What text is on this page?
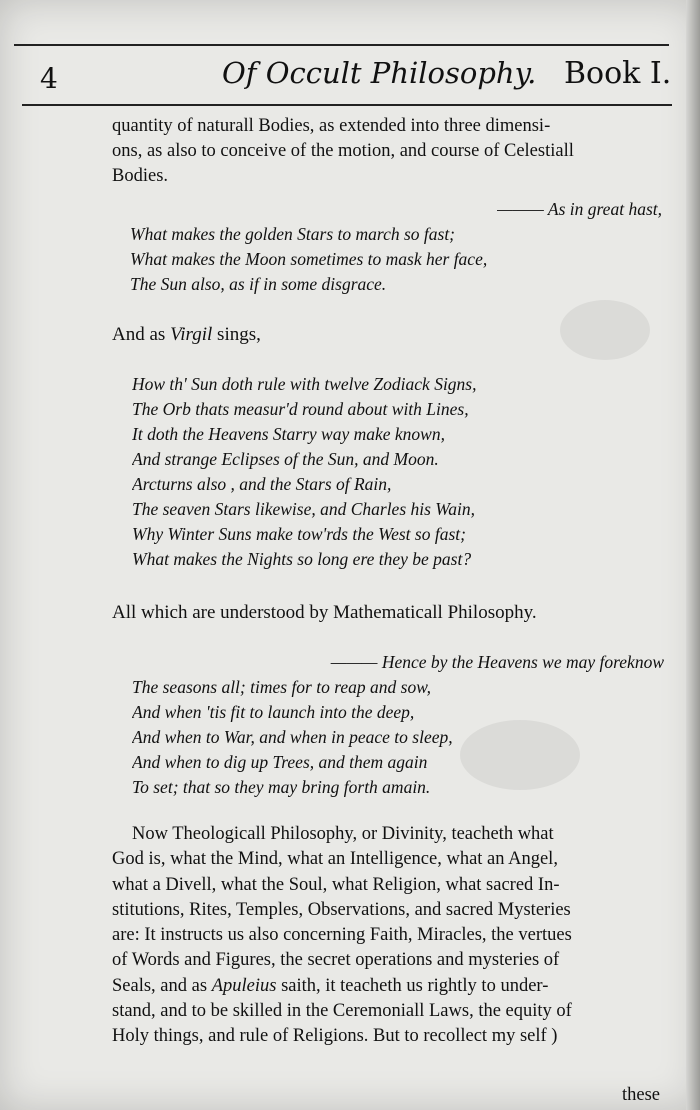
4	Of Occult Philosophy. Book I.
quantity of naturall Bodies, as extended into three dimensi-
ons, as also to conceive of the motion, and course of Celestiall
Bodies.
——— As in great hast,
What makes the golden Stars to march so fast;
What makes the Moon sometimes to mask her face,
The Sun also, as if in some disgrace.
And as Virgil sings,
How th' Sun doth rule with twelve Zodiack Signs,
The Orb thats measur'd round about with Lines,
It doth the Heavens Starry way make known,
And strange Eclipses of the Sun, and Moon.
Arcturns also , and the Stars of Rain,
The seaven Stars likewise, and Charles his Wain,
Why Winter Suns make tow'rds the West so fast;
What makes the Nights so long ere they be past?
All which are understood by Mathematicall Philosophy.
——— Hence by the Heavens we may foreknow
The seasons all; times for to reap and sow,
And when 'tis fit to launch into the deep,
And when to War, and when in peace to sleep,
And when to dig up Trees, and them again
To set; that so they may bring forth amain.
Now Theologicall Philosophy, or Divinity, teacheth what
God is, what the Mind, what an Intelligence, what an Angel,
what a Divell, what the Soul, what Religion, what sacred In-
stitutions, Rites, Temples, Observations, and sacred Mysteries
are: It instructs us also concerning Faith, Miracles, the vertues
of Words and Figures, the secret operations and mysteries of
Seals, and as Apuleius saith, it teacheth us rightly to under-
stand, and to be skilled in the Ceremoniall Laws, the equity of
Holy things, and rule of Religions. But to recollect my self )
these
